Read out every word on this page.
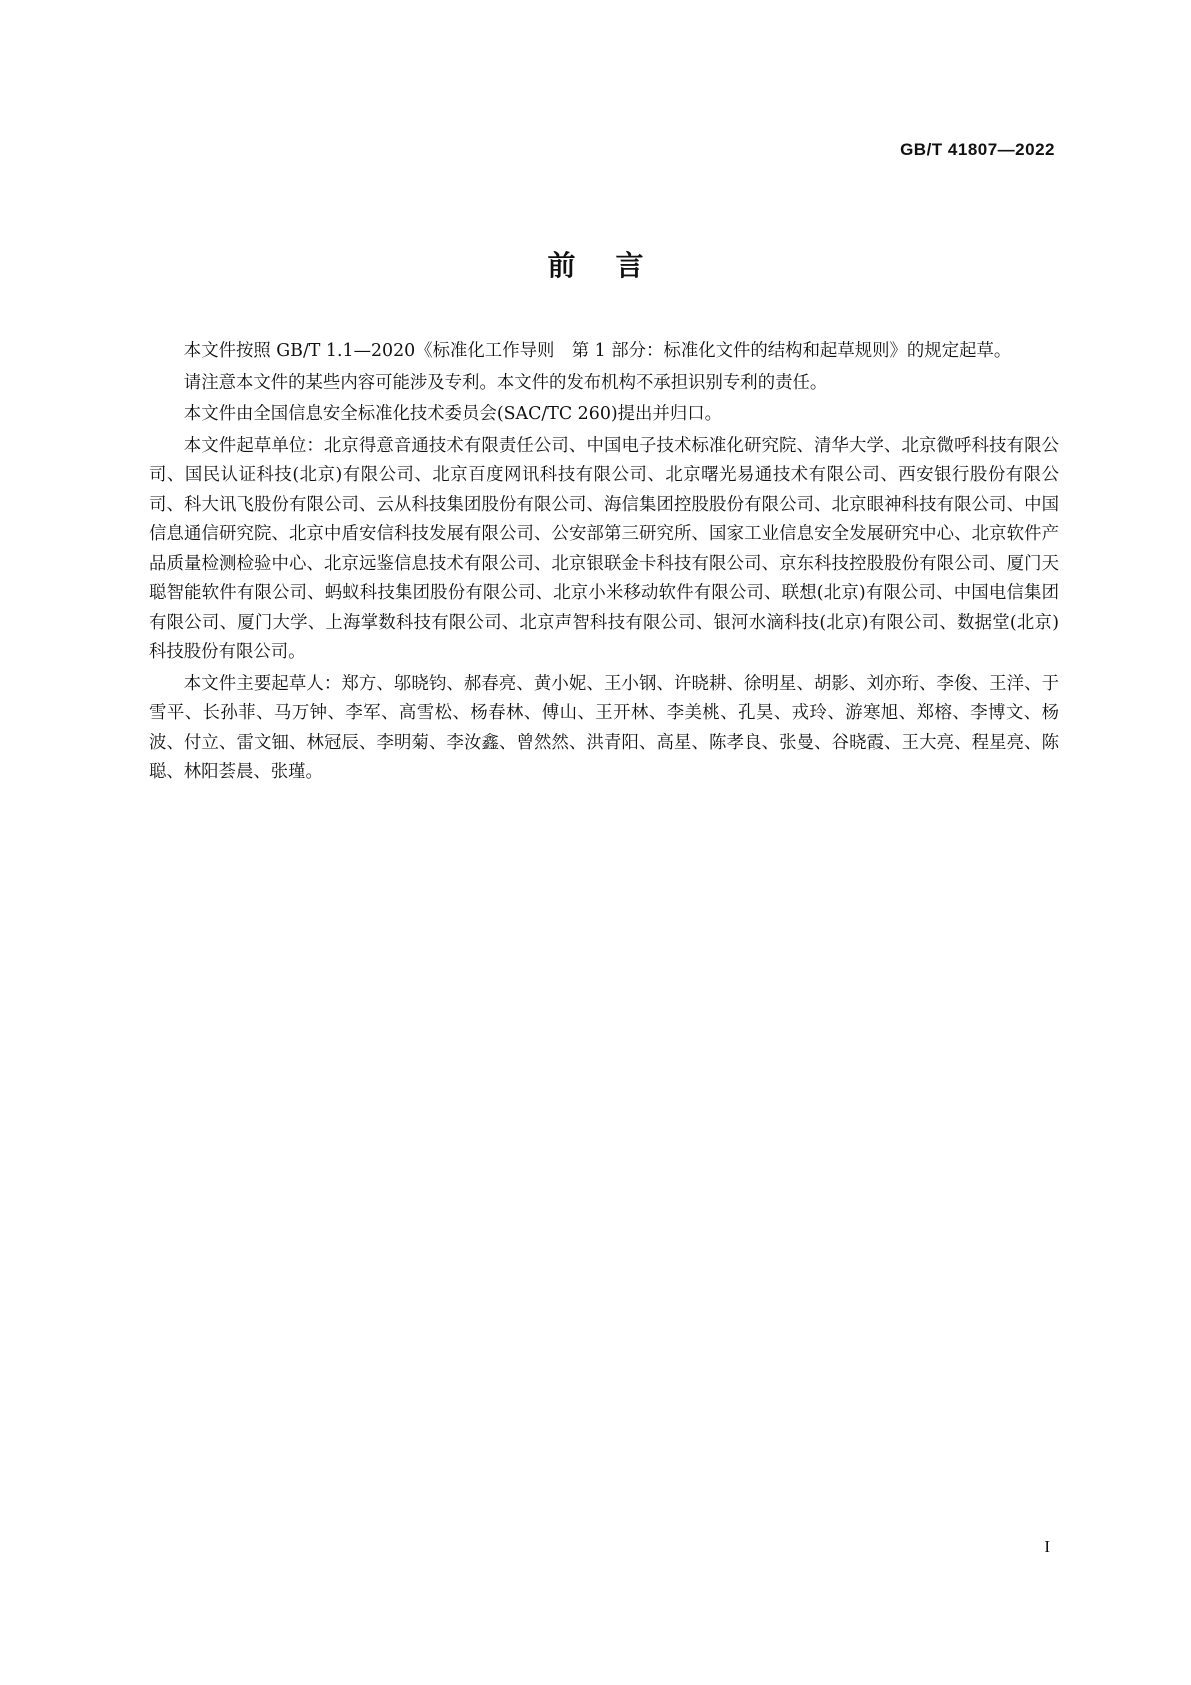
GB/T 41807—2022
前言

本文件按照 GB/T 1.1—2020《标准化工作导则　第 1 部分：标准化文件的结构和起草规则》的规定起草。

请注意本文件的某些内容可能涉及专利。本文件的发布机构不承担识别专利的责任。

本文件由全国信息安全标准化技术委员会(SAC/TC 260)提出并归口。

本文件起草单位：北京得意音通技术有限责任公司、中国电子技术标准化研究院、清华大学、北京微呼科技有限公司、国民认证科技(北京)有限公司、北京百度网讯科技有限公司、北京曙光易通技术有限公司、西安银行股份有限公司、科大讯飞股份有限公司、云从科技集团股份有限公司、海信集团控股股份有限公司、北京眼神科技有限公司、中国信息通信研究院、北京中盾安信科技发展有限公司、公安部第三研究所、国家工业信息安全发展研究中心、北京软件产品质量检测检验中心、北京远鉴信息技术有限公司、北京银联金卡科技有限公司、京东科技控股股份有限公司、厦门天聪智能软件有限公司、蚂蚁科技集团股份有限公司、北京小米移动软件有限公司、联想(北京)有限公司、中国电信集团有限公司、厦门大学、上海掌数科技有限公司、北京声智科技有限公司、银河水滴科技(北京)有限公司、数据堂(北京)科技股份有限公司。

本文件主要起草人：郑方、邬晓钧、郝春亮、黄小妮、王小钢、许晓耕、徐明星、胡影、刘亦珩、李俊、王洋、于雪平、长孙菲、马万钟、李军、高雪松、杨春林、傅山、王开林、李美桃、孔昊、戎玲、游寒旭、郑榕、李博文、杨波、付立、雷文钿、林冠辰、李明菊、李汝鑫、曾然然、洪青阳、高星、陈孝良、张曼、谷晓霞、王大亮、程星亮、陈聪、林阳荟晨、张瑾。

I
